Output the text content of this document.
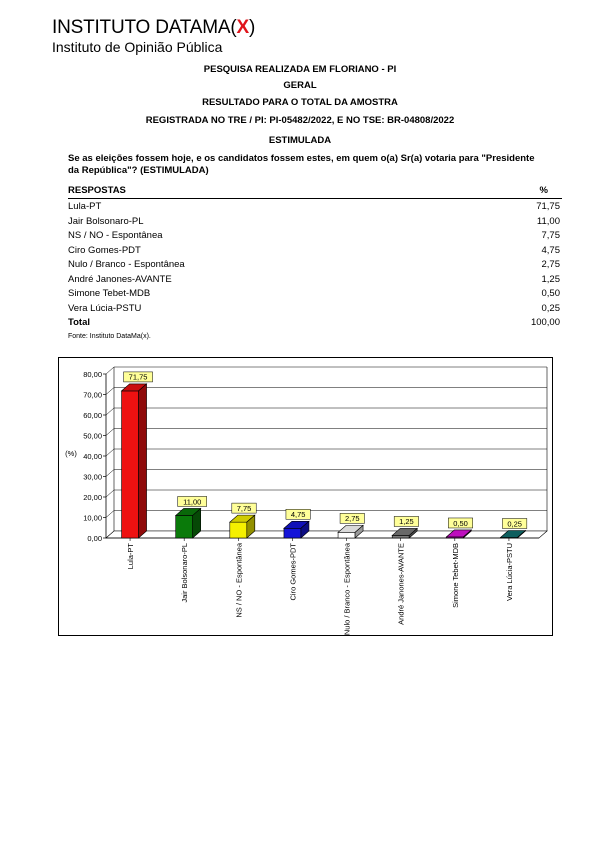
INSTITUTO DATAMA(X)
Instituto de Opinião Pública
PESQUISA REALIZADA EM FLORIANO - PI
GERAL
RESULTADO PARA O TOTAL DA AMOSTRA
REGISTRADA NO TRE / PI: PI-05482/2022, E NO TSE: BR-04808/2022
ESTIMULADA
Se as eleições fossem hoje, e os candidatos fossem estes, em quem o(a) Sr(a) votaria para "Presidente da República"? (ESTIMULADA)
RESPOSTAS	%
Lula-PT	71,75
Jair Bolsonaro-PL	11,00
NS / NO - Espontânea	7,75
Ciro Gomes-PDT	4,75
Nulo / Branco - Espontânea	2,75
André Janones-AVANTE	1,25
Simone Tebet-MDB	0,50
Vera Lúcia-PSTU	0,25
Total	100,00
Fonte: Instituto DataMa(x).
0,00
10,00
20,00
30,00
40,00
50,00
60,00
70,00
80,00
(%)
71,75
Lula-PT
11,00
Jair Bolsonaro-PL
7,75
NS / NO - Espontânea
4,75
Ciro Gomes-PDT
2,75
Nulo / Branco - Espontânea
1,25
André Janones-AVANTE
0,50
Simone Tebet-MDB
0,25
Vera Lúcia-PSTU
